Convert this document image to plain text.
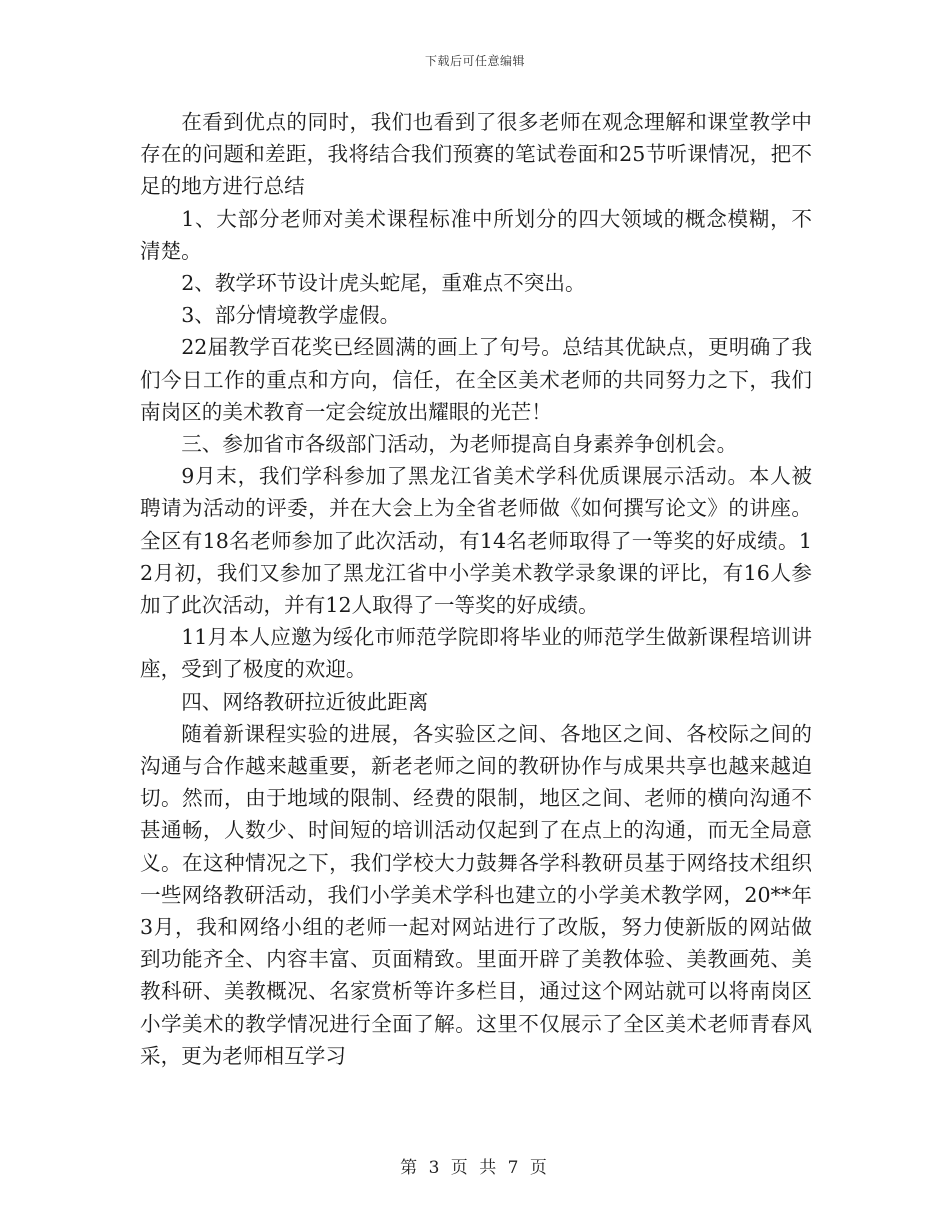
下载后可任意编辑

在看到优点的同时，我们也看到了很多老师在观念理解和课堂教学中存在的问题和差距，我将结合我们预赛的笔试卷面和25节听课情况，把不足的地方进行总结

1、大部分老师对美术课程标准中所划分的四大领域的概念模糊，不清楚。

2、教学环节设计虎头蛇尾，重难点不突出。

3、部分情境教学虚假。

22届教学百花奖已经圆满的画上了句号。总结其优缺点，更明确了我们今日工作的重点和方向，信任，在全区美术老师的共同努力之下，我们南岗区的美术教育一定会绽放出耀眼的光芒！

三、参加省市各级部门活动，为老师提高自身素养争创机会。

9月末，我们学科参加了黑龙江省美术学科优质课展示活动。本人被聘请为活动的评委，并在大会上为全省老师做《如何撰写论文》的讲座。全区有18名老师参加了此次活动，有14名老师取得了一等奖的好成绩。12月初，我们又参加了黑龙江省中小学美术教学录象课的评比，有16人参加了此次活动，并有12人取得了一等奖的好成绩。

11月本人应邀为绥化市师范学院即将毕业的师范学生做新课程培训讲座，受到了极度的欢迎。

四、网络教研拉近彼此距离

随着新课程实验的进展，各实验区之间、各地区之间、各校际之间的沟通与合作越来越重要，新老老师之间的教研协作与成果共享也越来越迫切。然而，由于地域的限制、经费的限制，地区之间、老师的横向沟通不甚通畅，人数少、时间短的培训活动仅起到了在点上的沟通，而无全局意义。在这种情况之下，我们学校大力鼓舞各学科教研员基于网络技术组织一些网络教研活动，我们小学美术学科也建立的小学美术教学网，20**年3月，我和网络小组的老师一起对网站进行了改版，努力使新版的网站做到功能齐全、内容丰富、页面精致。里面开辟了美教体验、美教画苑、美教科研、美教概况、名家赏析等许多栏目，通过这个网站就可以将南岗区小学美术的教学情况进行全面了解。这里不仅展示了全区美术老师青春风采，更为老师相互学习

第 3 页 共 7 页
